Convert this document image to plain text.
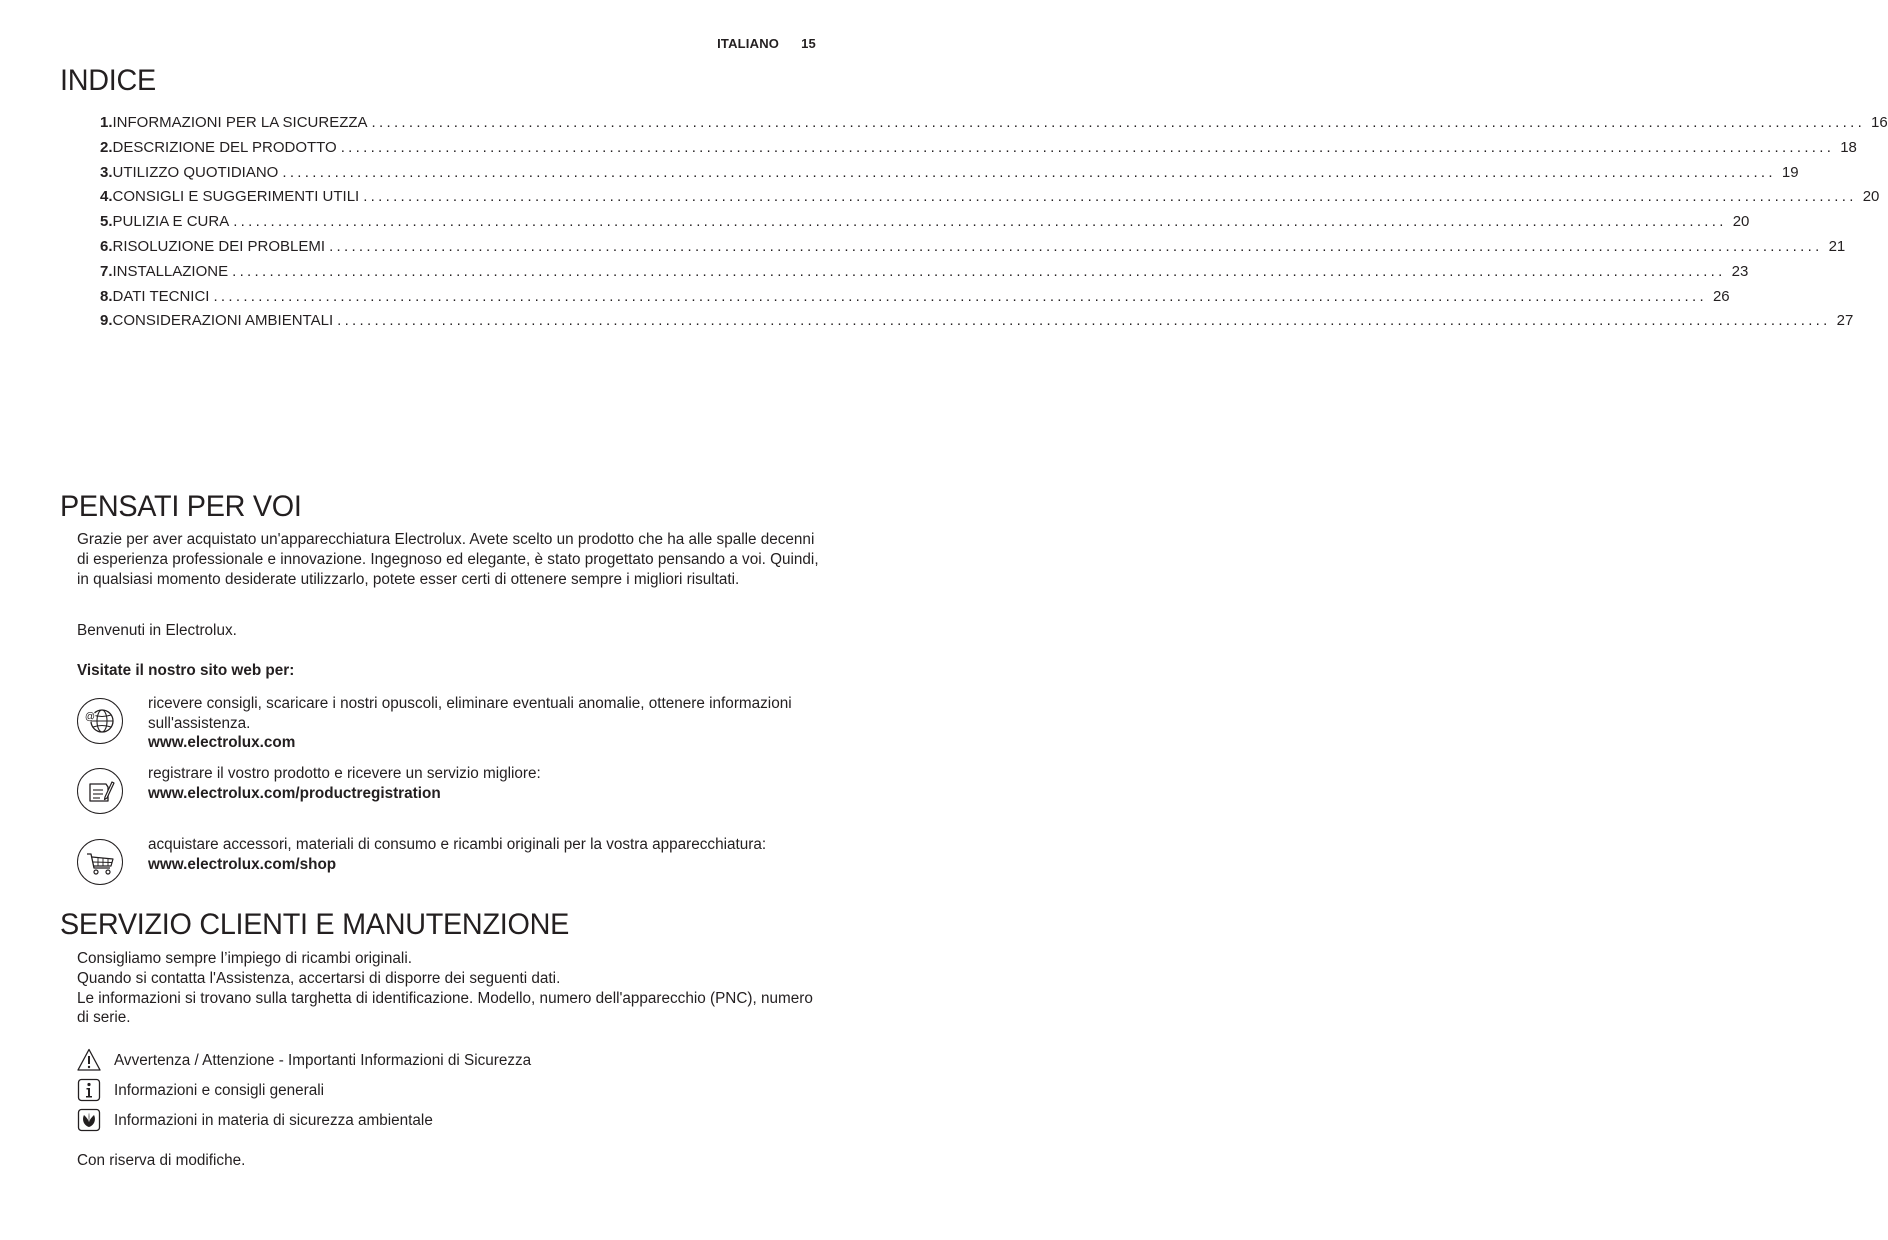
ITALIANO 15
INDICE
1. INFORMAZIONI PER LA SICUREZZA ........................................................................................................................................................................................................ 16
2. DESCRIZIONE DEL PRODOTTO ........................................................................................................................................................................................................ 18
3. UTILIZZO QUOTIDIANO ........................................................................................................................................................................................................ 19
4. CONSIGLI E SUGGERIMENTI UTILI ........................................................................................................................................................................................................ 20
5. PULIZIA E CURA ........................................................................................................................................................................................................ 20
6. RISOLUZIONE DEI PROBLEMI ........................................................................................................................................................................................................ 21
7. INSTALLAZIONE ........................................................................................................................................................................................................ 23
8. DATI TECNICI ........................................................................................................................................................................................................ 26
9. CONSIDERAZIONI AMBIENTALI ........................................................................................................................................................................................................ 27
PENSATI PER VOI
Grazie per aver acquistato un'apparecchiatura Electrolux. Avete scelto un prodotto che ha alle spalle decenni di esperienza professionale e innovazione. Ingegnoso ed elegante, è stato progettato pensando a voi. Quindi, in qualsiasi momento desiderate utilizzarlo, potete esser certi di ottenere sempre i migliori risultati.
Benvenuti in Electrolux.
Visitate il nostro sito web per:
@
ricevere consigli, scaricare i nostri opuscoli, eliminare eventuali anomalie, ottenere informazioni sull'assistenza.
www.electrolux.com
registrare il vostro prodotto e ricevere un servizio migliore:
www.electrolux.com/productregistration
acquistare accessori, materiali di consumo e ricambi originali per la vostra apparecchiatura:
www.electrolux.com/shop
SERVIZIO CLIENTI E MANUTENZIONE
Consigliamo sempre l’impiego di ricambi originali.
Quando si contatta l'Assistenza, accertarsi di disporre dei seguenti dati.
Le informazioni si trovano sulla targhetta di identificazione. Modello, numero dell'apparecchio (PNC), numero di serie.
Avvertenza / Attenzione - Importanti Informazioni di Sicurezza
Informazioni e consigli generali
Informazioni in materia di sicurezza ambientale
Con riserva di modifiche.
